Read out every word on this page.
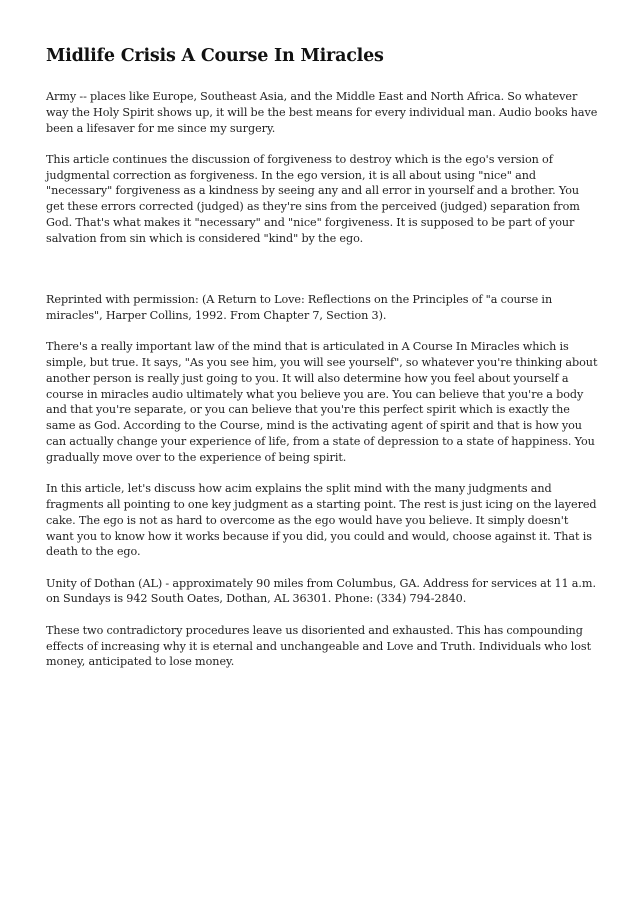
Midlife Crisis A Course In Miracles

Army -- places like Europe, Southeast Asia, and the Middle East and North Africa. So whatever way the Holy Spirit shows up, it will be the best means for every individual man. Audio books have been a lifesaver for me since my surgery.

This article continues the discussion of forgiveness to destroy which is the ego's version of judgmental correction as forgiveness. In the ego version, it is all about using "nice" and "necessary" forgiveness as a kindness by seeing any and all error in yourself and a brother. You get these errors corrected (judged) as they're sins from the perceived (judged) separation from God. That's what makes it "necessary" and "nice" forgiveness. It is supposed to be part of your salvation from sin which is considered "kind" by the ego.

Reprinted with permission: (A Return to Love: Reflections on the Principles of "a course in miracles", Harper Collins, 1992. From Chapter 7, Section 3).

There's a really important law of the mind that is articulated in A Course In Miracles which is simple, but true. It says, "As you see him, you will see yourself", so whatever you're thinking about another person is really just going to you. It will also determine how you feel about yourself a course in miracles audio ultimately what you believe you are. You can believe that you're a body and that you're separate, or you can believe that you're this perfect spirit which is exactly the same as God. According to the Course, mind is the activating agent of spirit and that is how you can actually change your experience of life, from a state of depression to a state of happiness. You gradually move over to the experience of being spirit.

In this article, let's discuss how acim explains the split mind with the many judgments and fragments all pointing to one key judgment as a starting point. The rest is just icing on the layered cake. The ego is not as hard to overcome as the ego would have you believe. It simply doesn't want you to know how it works because if you did, you could and would, choose against it. That is death to the ego.

Unity of Dothan (AL) - approximately 90 miles from Columbus, GA. Address for services at 11 a.m. on Sundays is 942 South Oates, Dothan, AL 36301. Phone: (334) 794-2840.

These two contradictory procedures leave us disoriented and exhausted. This has compounding effects of increasing why it is eternal and unchangeable and Love and Truth. Individuals who lost money, anticipated to lose money.
